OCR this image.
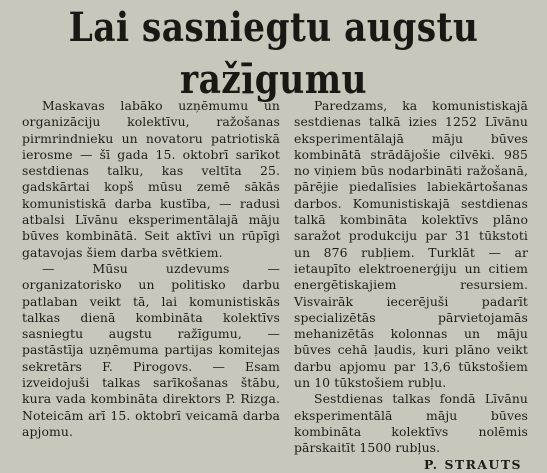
Lai sasniegtu augstu
ražīgumu

Maskavas labāko uzņēmumu un organizāciju kolektīvu, ražošanas pirmrindnieku un novatoru patriotiskā ierosme — šī gada 15. oktobrī sarīkot sestdienas talku, kas veltīta 25. gadskārtai kopš mūsu zemē sākās komunistiskā darba kustība, — radusi atbalsi Līvānu eksperimentālajā māju būves kombinātā. Seit aktīvi un rūpīgi gatavojas šiem darba svētkiem.

— Mūsu uzdevums — organizatorisko un politisko darbu patlaban veikt tā, lai komunistiskās talkas dienā kombināta kolektīvs sasniegtu augstu ražīgumu, — pastāstīja uzņēmuma partijas komitejas sekretārs F. Pirogovs. — Esam izveidojuši talkas sarīkošanas štābu, kura vada kombināta direktors P. Rizga. Noteicām arī 15. oktobrī veicamā darba apjomu.

Paredzams, ka komunistiskajā sestdienas talkā izies 1252 Līvānu eksperimentālajā māju būves kombinātā strādājošie cilvēki. 985 no viņiem būs nodarbināti ražošanā, pārējie piedalīsies labiekārtošanas darbos. Komunistiskajā sestdienas talkā kombināta kolektīvs plāno saražot produkciju par 31 tūkstoti un 876 rubļiem. Turklāt — ar ietaupīto elektroenerģiju un citiem energētiskajiem resursiem. Visvairāk iecerējuši padarīt specializētās pārvietojamās mehanizētās kolonnas un māju būves cehā ļaudis, kuri plāno veikt darbu apjomu par 13,6 tūkstošiem un 10 tūkstošiem rubļu.

Sestdienas talkas fondā Līvānu eksperimentālā māju būves kombināta kolektīvs nolēmis pārskaitīt 1500 rubļus.

P. STRAUTS
